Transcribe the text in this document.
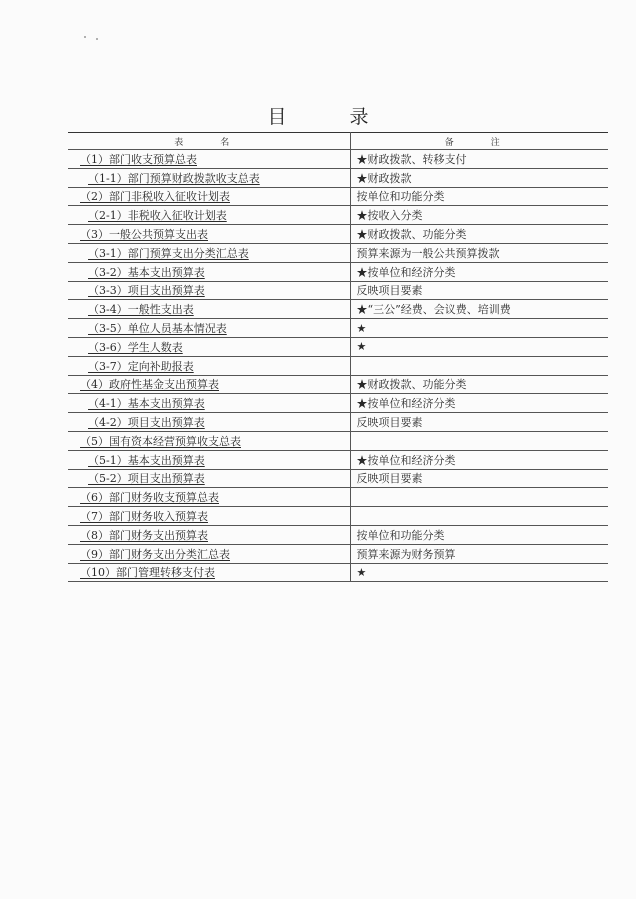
目　录
表　名	备　注
（1）部门收支预算总表	★财政拨款、转移支付
（1-1）部门预算财政拨款收支总表	★财政拨款
（2）部门非税收入征收计划表	按单位和功能分类
（2-1）非税收入征收计划表	★按收入分类
（3）一般公共预算支出表	★财政拨款、功能分类
（3-1）部门预算支出分类汇总表	预算来源为一般公共预算拨款
（3-2）基本支出预算表	★按单位和经济分类
（3-3）项目支出预算表	反映项目要素
（3-4）一般性支出表	★“三公”经费、会议费、培训费
（3-5）单位人员基本情况表	★
（3-6）学生人数表	★
（3-7）定向补助报表	
（4）政府性基金支出预算表	★财政拨款、功能分类
（4-1）基本支出预算表	★按单位和经济分类
（4-2）项目支出预算表	反映项目要素
（5）国有资本经营预算收支总表	
（5-1）基本支出预算表	★按单位和经济分类
（5-2）项目支出预算表	反映项目要素
（6）部门财务收支预算总表	
（7）部门财务收入预算表	
（8）部门财务支出预算表	按单位和功能分类
（9）部门财务支出分类汇总表	预算来源为财务预算
（10）部门管理转移支付表	★
